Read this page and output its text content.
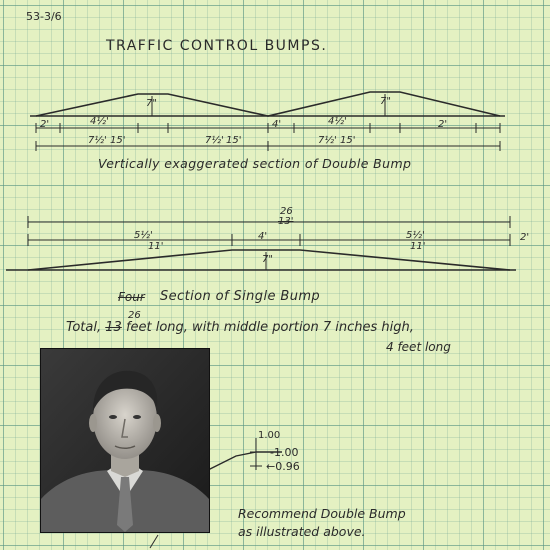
53-3/6
TRAFFIC CONTROL BUMPS.
7"	7"
2'	4½'	4'	4½'	2'
7½' 15'	7½' 15'	7½' 15'
Vertically exaggerated section of Double Bump
26
13'
5½'
11'
4'	5½'
11'
2'
7"
Four Section of Single Bump
26
Total, 13 feet long, with middle portion 7 inches high,
4 feet long
1.00
-1.00
←0.96
Recommend Double Bump
as illustrated above.
